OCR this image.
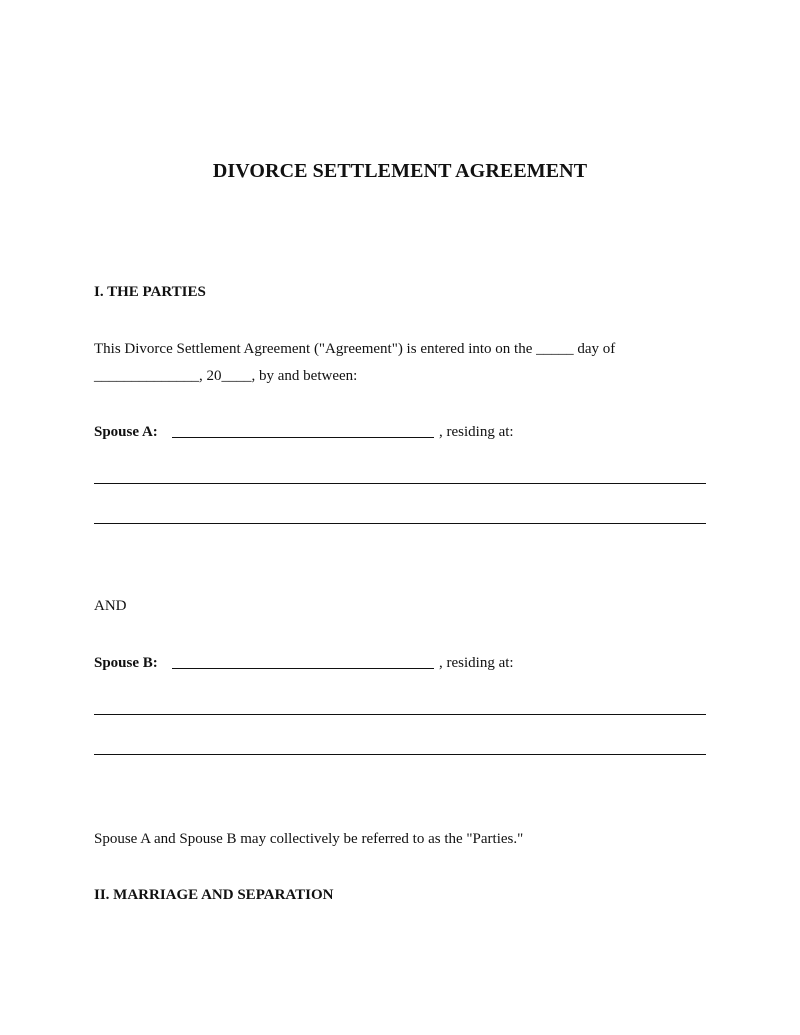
DIVORCE SETTLEMENT AGREEMENT
I. THE PARTIES
This Divorce Settlement Agreement ("Agreement") is entered into on the _____ day of
______________, 20____, by and between:
Spouse A:	, residing at:
AND
Spouse B:	, residing at:
Spouse A and Spouse B may collectively be referred to as the "Parties."
II. MARRIAGE AND SEPARATION
